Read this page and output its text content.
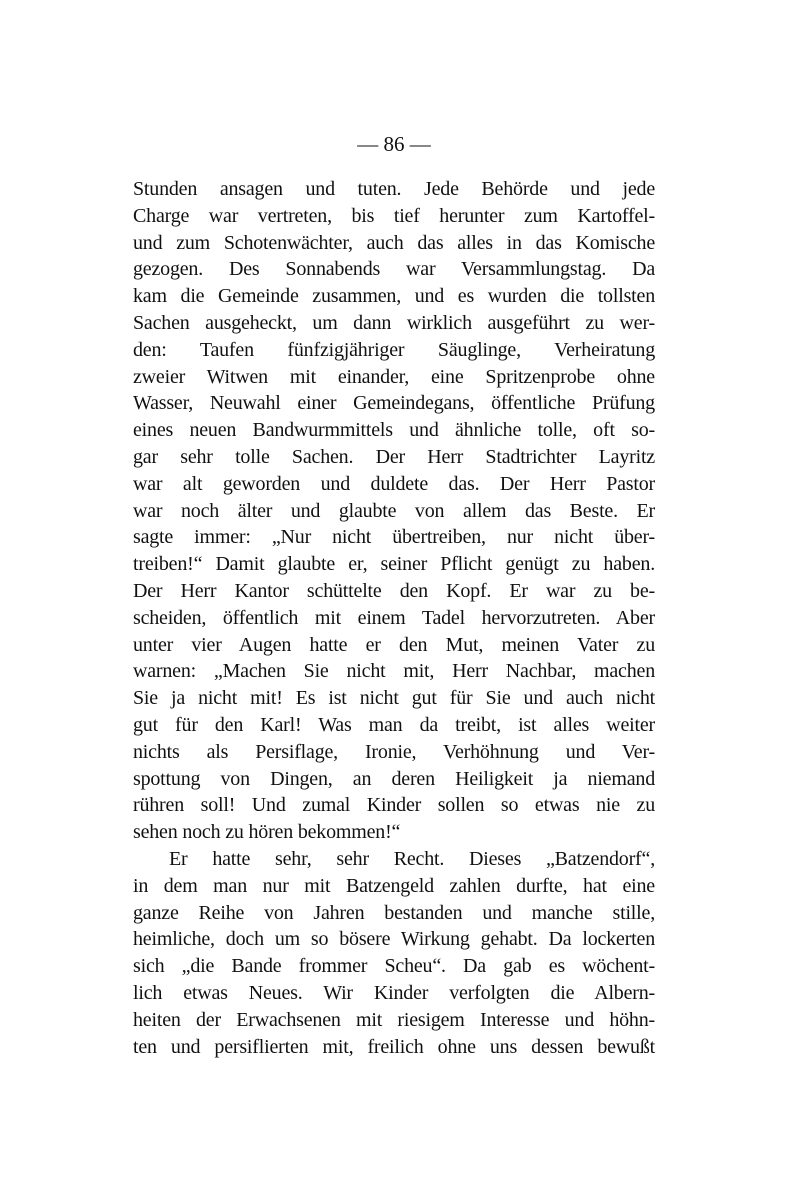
— 86 —
Stunden ansagen und tuten. Jede Behörde und jede
Charge war vertreten, bis tief herunter zum Kartoffel-
und zum Schotenwächter, auch das alles in das Komische
gezogen. Des Sonnabends war Versammlungstag. Da
kam die Gemeinde zusammen, und es wurden die tollsten
Sachen ausgeheckt, um dann wirklich ausgeführt zu wer-
den: Taufen fünfzigjähriger Säuglinge, Verheiratung
zweier Witwen mit einander, eine Spritzenprobe ohne
Wasser, Neuwahl einer Gemeindegans, öffentliche Prüfung
eines neuen Bandwurmmittels und ähnliche tolle, oft so-
gar sehr tolle Sachen. Der Herr Stadtrichter Layritz
war alt geworden und duldete das. Der Herr Pastor
war noch älter und glaubte von allem das Beste. Er
sagte immer: „Nur nicht übertreiben, nur nicht über-
treiben!“ Damit glaubte er, seiner Pflicht genügt zu haben.
Der Herr Kantor schüttelte den Kopf. Er war zu be-
scheiden, öffentlich mit einem Tadel hervorzutreten. Aber
unter vier Augen hatte er den Mut, meinen Vater zu
warnen: „Machen Sie nicht mit, Herr Nachbar, machen
Sie ja nicht mit! Es ist nicht gut für Sie und auch nicht
gut für den Karl! Was man da treibt, ist alles weiter
nichts als Persiflage, Ironie, Verhöhnung und Ver-
spottung von Dingen, an deren Heiligkeit ja niemand
rühren soll! Und zumal Kinder sollen so etwas nie zu
sehen noch zu hören bekommen!“
Er hatte sehr, sehr Recht. Dieses „Batzendorf“,
in dem man nur mit Batzengeld zahlen durfte, hat eine
ganze Reihe von Jahren bestanden und manche stille,
heimliche, doch um so bösere Wirkung gehabt. Da lockerten
sich „die Bande frommer Scheu“. Da gab es wöchent-
lich etwas Neues. Wir Kinder verfolgten die Albern-
heiten der Erwachsenen mit riesigem Interesse und höhn-
ten und persiflierten mit, freilich ohne uns dessen bewußt
